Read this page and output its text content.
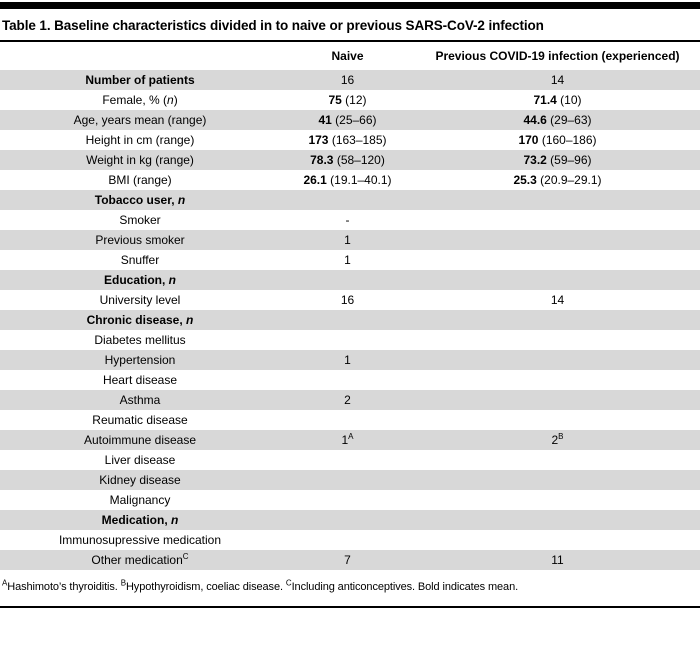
Table 1. Baseline characteristics divided in to naive or previous SARS-CoV-2 infection
	Naive	Previous COVID-19 infection (experienced)
Number of patients	16	14
Female, % (n)	75 (12)	71.4 (10)
Age, years mean (range)	41 (25–66)	44.6 (29–63)
Height in cm (range)	173 (163–185)	170 (160–186)
Weight in kg (range)	78.3 (58–120)	73.2 (59–96)
BMI (range)	26.1 (19.1–40.1)	25.3 (20.9–29.1)
Tobacco user, n		
Smoker	-	
Previous smoker	1	
Snuffer	1	
Education, n		
University level	16	14
Chronic disease, n		
Diabetes mellitus		
Hypertension	1	
Heart disease		
Asthma	2	
Reumatic disease		
Autoimmune disease	$1^A$	$2^B$
Liver disease		
Kidney disease		
Malignancy		
Medication, n		
Immunosupressive medication		
Other medication$^C$	7	11

$^A$Hashimoto’s thyroiditis. $^B$Hypothyroidism, coeliac disease. $^C$Including anticonceptives. Bold indicates mean.
